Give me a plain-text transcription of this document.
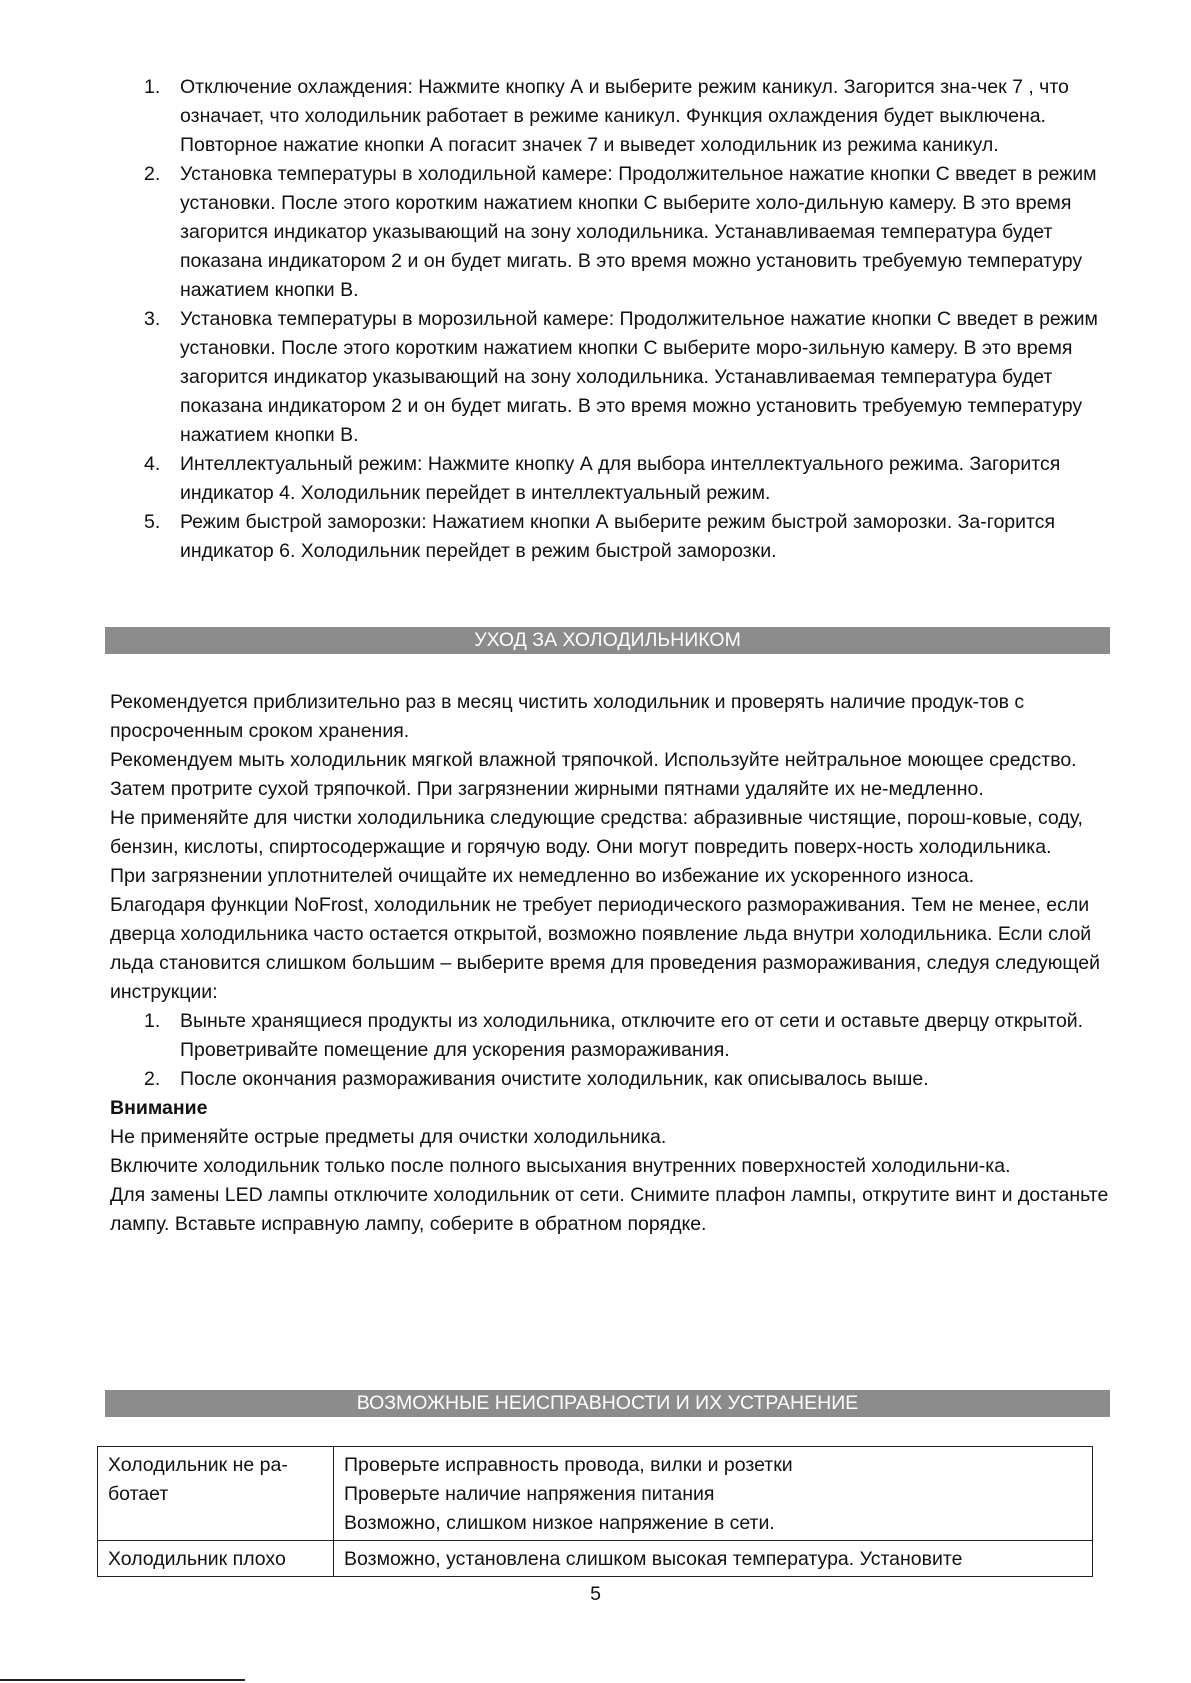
1. Отключение охлаждения: Нажмите кнопку А и выберите режим каникул. Загорится зна-чек 7 , что означает, что холодильник работает в режиме каникул. Функция охлаждения будет выключена. Повторное нажатие кнопки А погасит значек 7 и выведет холодильник из режима каникул.
2. Установка температуры в холодильной камере: Продолжительное нажатие кнопки С введет в режим установки. После этого коротким нажатием кнопки С выберите холо-дильную камеру. В это время загорится индикатор указывающий на зону холодильника. Устанавливаемая температура будет показана индикатором 2 и он будет мигать. В это время можно установить требуемую температуру нажатием кнопки В.
3. Установка температуры в морозильной камере: Продолжительное нажатие кнопки С введет в режим установки. После этого коротким нажатием кнопки С выберите моро-зильную камеру. В это время загорится индикатор указывающий на зону холодильника. Устанавливаемая температура будет показана индикатором 2 и он будет мигать. В это время можно установить требуемую температуру нажатием кнопки В.
4. Интеллектуальный режим: Нажмите кнопку А для выбора интеллектуального режима. Загорится индикатор 4. Холодильник перейдет в интеллектуальный режим.
5. Режим быстрой заморозки: Нажатием кнопки А выберите режим быстрой заморозки. За-горится индикатор 6. Холодильник перейдет в режим быстрой заморозки.
УХОД ЗА ХОЛОДИЛЬНИКОМ

Рекомендуется приблизительно раз в месяц чистить холодильник и проверять наличие продук-тов с просроченным сроком хранения.

Рекомендуем мыть холодильник мягкой влажной тряпочкой. Используйте нейтральное моющее средство. Затем протрите сухой тряпочкой. При загрязнении жирными пятнами удаляйте их не-медленно.

Не применяйте для чистки холодильника следующие средства: абразивные чистящие, порош-ковые, соду, бензин, кислоты, спиртосодержащие и горячую воду. Они могут повредить поверх-ность холодильника.

При загрязнении уплотнителей очищайте их немедленно во избежание их ускоренного износа.

Благодаря функции NoFrost, холодильник не требует периодического размораживания. Тем не менее, если дверца холодильника часто остается открытой, возможно появление льда внутри холодильника. Если слой льда становится слишком большим – выберите время для проведения размораживания, следуя следующей инструкции:

1. Выньте хранящиеся продукты из холодильника, отключите его от сети и оставьте дверцу открытой. Проветривайте помещение для ускорения размораживания.
2. После окончания размораживания очистите холодильник, как описывалось выше.

Внимание

Не применяйте острые предметы для очистки холодильника.

Включите холодильник только после полного высыхания внутренних поверхностей холодильни-ка.

Для замены LED лампы отключите холодильник от сети. Снимите плафон лампы, открутите винт и достаньте лампу. Вставьте исправную лампу, соберите в обратном порядке.

ВОЗМОЖНЫЕ НЕИСПРАВНОСТИ И ИХ УСТРАНЕНИЕ
Холодильник не ра-ботает	Проверьте исправность провода, вилки и розетки
Проверьте наличие напряжения питания
Возможно, слишком низкое напряжение в сети.

Холодильник плохо	Возможно, установлена слишком высокая температура. Установите
5
